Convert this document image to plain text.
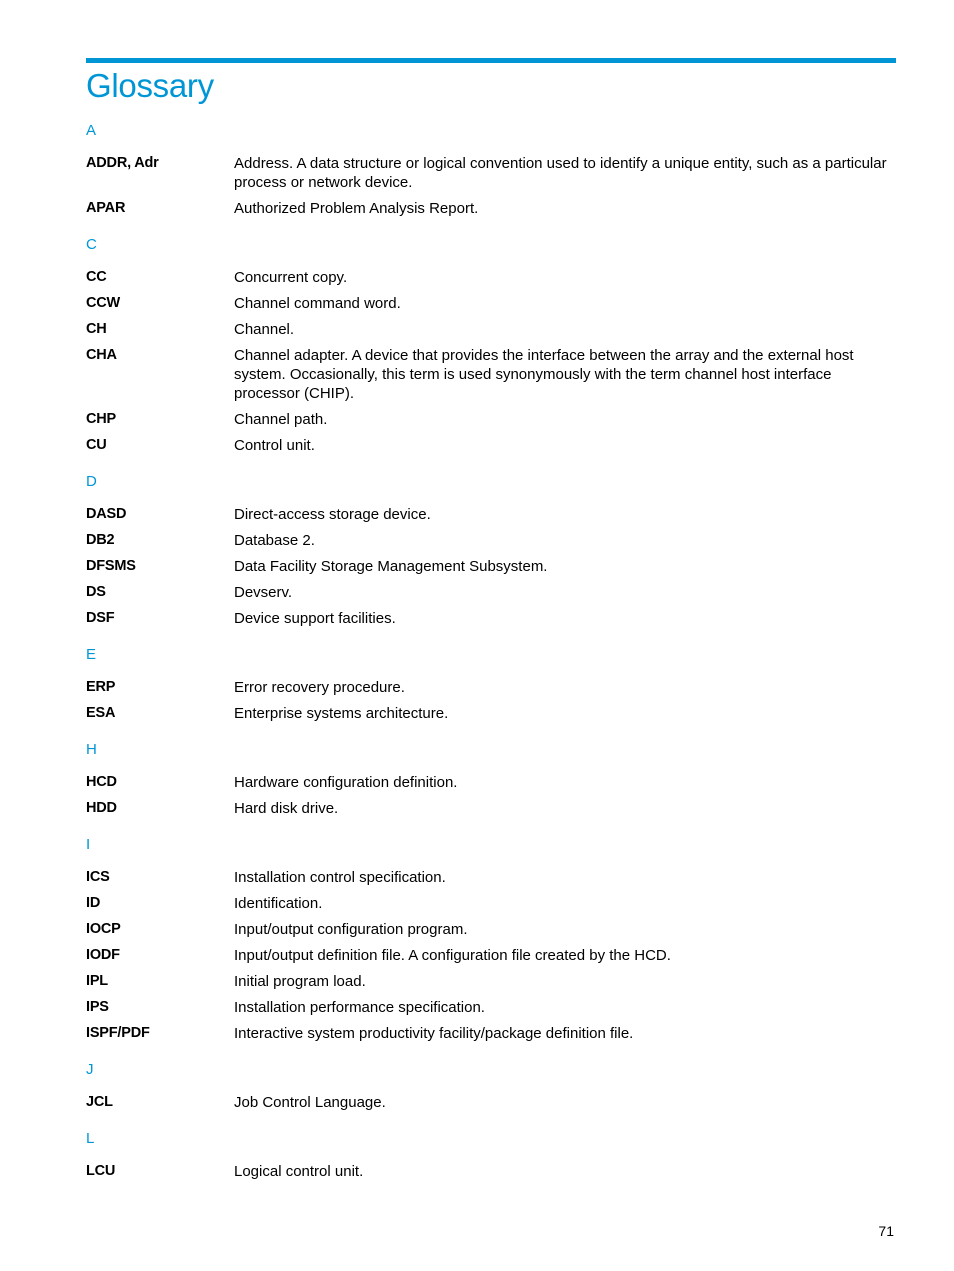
Glossary
A
ADDR, Adr	Address. A data structure or logical convention used to identify a unique entity, such as a particular process or network device.
APAR	Authorized Problem Analysis Report.
C
CC	Concurrent copy.
CCW	Channel command word.
CH	Channel.
CHA	Channel adapter. A device that provides the interface between the array and the external host system. Occasionally, this term is used synonymously with the term channel host interface processor (CHIP).
CHP	Channel path.
CU	Control unit.
D
DASD	Direct-access storage device.
DB2	Database 2.
DFSMS	Data Facility Storage Management Subsystem.
DS	Devserv.
DSF	Device support facilities.
E
ERP	Error recovery procedure.
ESA	Enterprise systems architecture.
H
HCD	Hardware configuration definition.
HDD	Hard disk drive.
I
ICS	Installation control specification.
ID	Identification.
IOCP	Input/output configuration program.
IODF	Input/output definition file. A configuration file created by the HCD.
IPL	Initial program load.
IPS	Installation performance specification.
ISPF/PDF	Interactive system productivity facility/package definition file.
J
JCL	Job Control Language.
L
LCU	Logical control unit.
71
